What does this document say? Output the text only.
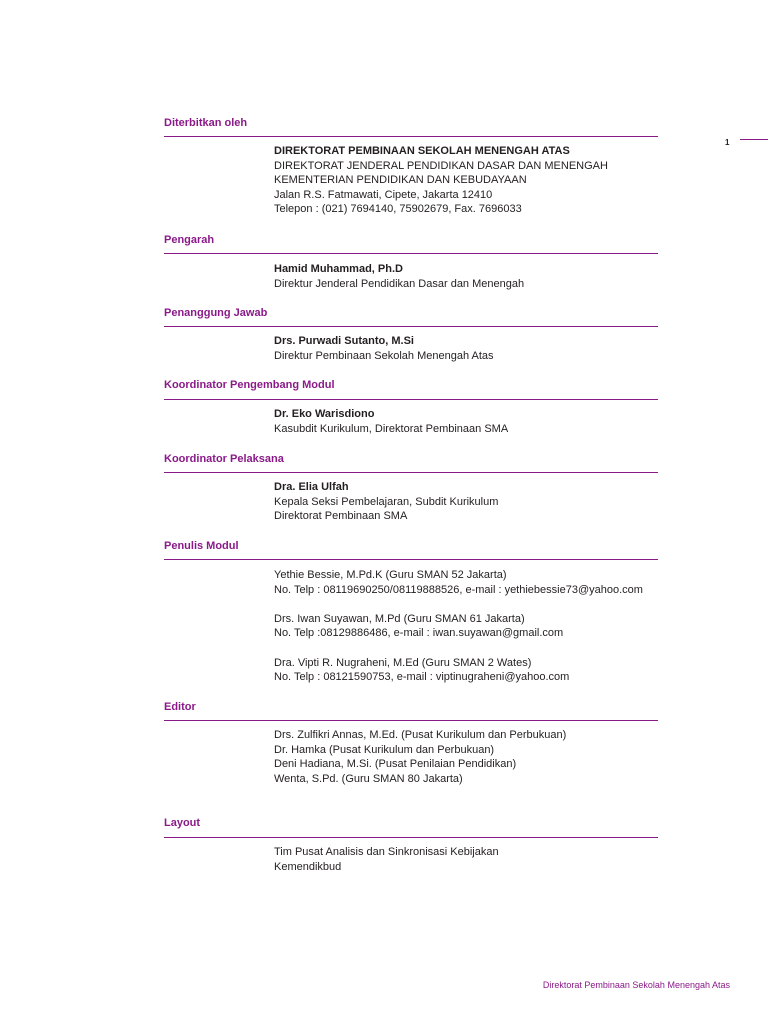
1
Diterbitkan oleh
DIREKTORAT PEMBINAAN SEKOLAH MENENGAH ATAS
DIREKTORAT JENDERAL PENDIDIKAN DASAR DAN MENENGAH
KEMENTERIAN PENDIDIKAN DAN KEBUDAYAAN
Jalan R.S. Fatmawati, Cipete, Jakarta 12410
Telepon : (021) 7694140, 75902679, Fax. 7696033
Pengarah
Hamid Muhammad, Ph.D
Direktur Jenderal Pendidikan Dasar dan Menengah
Penanggung Jawab
Drs. Purwadi Sutanto, M.Si
Direktur Pembinaan Sekolah Menengah Atas
Koordinator Pengembang Modul
Dr. Eko Warisdiono
Kasubdit Kurikulum, Direktorat Pembinaan SMA
Koordinator Pelaksana
Dra. Elia Ulfah
Kepala Seksi Pembelajaran, Subdit Kurikulum
Direktorat Pembinaan SMA
Penulis Modul
Yethie Bessie, M.Pd.K (Guru SMAN 52 Jakarta)
No. Telp : 08119690250/08119888526, e-mail : yethiebessie73@yahoo.com
Drs. Iwan Suyawan, M.Pd (Guru SMAN 61 Jakarta)
No. Telp :08129886486, e-mail : iwan.suyawan@gmail.com
Dra. Vipti R. Nugraheni, M.Ed (Guru SMAN 2 Wates)
No. Telp : 08121590753, e-mail : viptinugraheni@yahoo.com
Editor
Drs. Zulfikri Annas, M.Ed. (Pusat Kurikulum dan Perbukuan)
Dr. Hamka (Pusat Kurikulum dan Perbukuan)
Deni Hadiana, M.Si. (Pusat Penilaian Pendidikan)
Wenta, S.Pd. (Guru SMAN 80 Jakarta)
Layout
Tim Pusat Analisis dan Sinkronisasi Kebijakan
Kemendikbud
Direktorat Pembinaan Sekolah Menengah Atas
